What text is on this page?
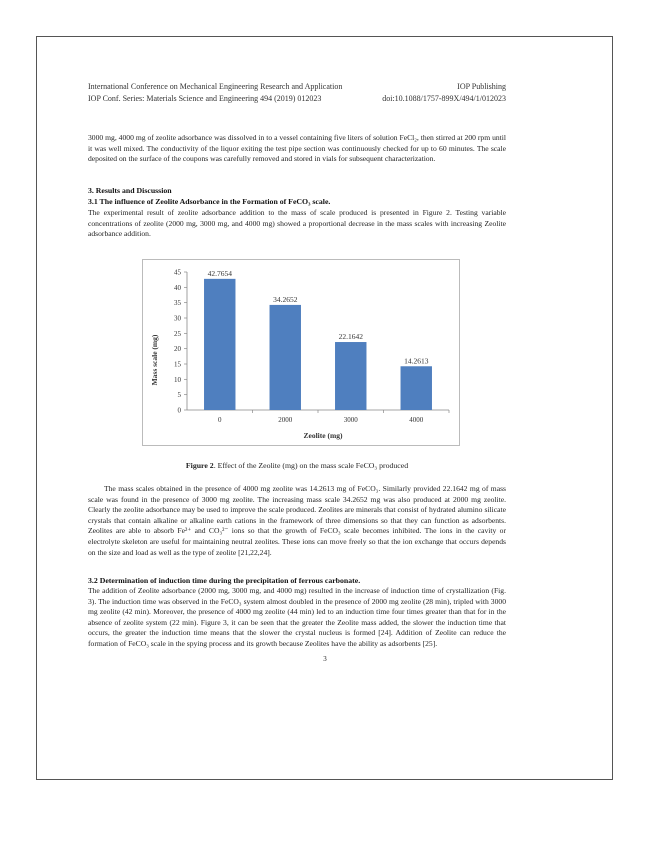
International Conference on Mechanical Engineering Research and Application	IOP Publishing
IOP Conf. Series: Materials Science and Engineering 494 (2019) 012023	doi:10.1088/1757-899X/494/1/012023
3000 mg, 4000 mg of zeolite adsorbance was dissolved in to a vessel containing five liters of solution FeCl₂, then stirred at 200 rpm until it was well mixed. The conductivity of the liquor exiting the test pipe section was continuously checked for up to 60 minutes. The scale deposited on the surface of the coupons was carefully removed and stored in vials for subsequent characterization.
3. Results and Discussion
3.1 The influence of Zeolite Adsorbance in the Formation of FeCO₃ scale.
The experimental result of zeolite adsorbance addition to the mass of scale produced is presented in Figure 2. Testing variable concentrations of zeolite (2000 mg, 3000 mg, and 4000 mg) showed a proportional decrease in the mass scales with increasing Zeolite adsorbance addition.
Mass scale (mg)
Zeolite (mg)
0
5
10
15
20
25
30
35
40
45	42.7654
0
34.2652
2000
22.1642
3000
14.2613
4000
Figure 2. Effect of the Zeolite (mg) on the mass scale FeCO₃ produced
The mass scales obtained in the presence of 4000 mg zeolite was 14.2613 mg of FeCO₃. Similarly provided 22.1642 mg of mass scale was found in the presence of 3000 mg zeolite. The increasing mass scale 34.2652 mg was also produced at 2000 mg zeolite. Clearly the zeolite adsorbance may be used to improve the scale produced. Zeolites are minerals that consist of hydrated alumino silicate crystals that contain alkaline or alkaline earth cations in the framework of three dimensions so that they can function as adsorbents. Zeolites are able to absorb Fe²⁺ and CO₃²⁻ ions so that the growth of FeCO₃ scale becomes inhibited. The ions in the cavity or electrolyte skeleton are useful for maintaining neutral zeolites. These ions can move freely so that the ion exchange that occurs depends on the size and load as well as the type of zeolite [21,22,24].
3.2 Determination of induction time during the precipitation of ferrous carbonate.
The addition of Zeolite adsorbance (2000 mg, 3000 mg, and 4000 mg) resulted in the increase of induction time of crystallization (Fig. 3). The induction time was observed in the FeCO₃ system almost doubled in the presence of 2000 mg zeolite (28 min), tripled with 3000 mg zeolite (42 min). Moreover, the presence of 4000 mg zeolite (44 min) led to an induction time four times greater than that for in the absence of zeolite system (22 min). Figure 3, it can be seen that the greater the Zeolite mass added, the slower the induction time that occurs, the greater the induction time means that the slower the crystal nucleus is formed [24]. Addition of Zeolite can reduce the formation of FeCO₃ scale in the spying process and its growth because Zeolites have the ability as adsorbents [25].
3
